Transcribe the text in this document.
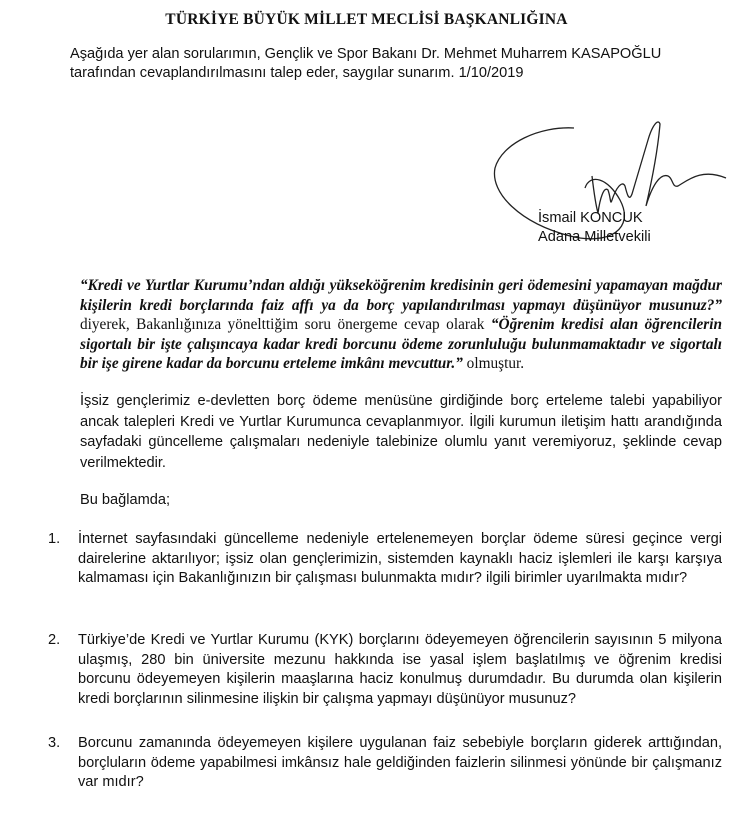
TÜRKİYE BÜYÜK MİLLET MECLİSİ BAŞKANLIĞINA
Aşağıda yer alan sorularımın, Gençlik ve Spor Bakanı Dr. Mehmet Muharrem KASAPOĞLU tarafından cevaplandırılmasını talep eder, saygılar sunarım. 1/10/2019
İsmail KONCUK
Adana Milletvekili
“Kredi ve Yurtlar Kurumu’ndan aldığı yükseköğrenim kredisinin geri ödemesini yapamayan mağdur kişilerin kredi borçlarında faiz affı ya da borç yapılandırılması yapmayı düşünüyor musunuz?” diyerek, Bakanlığınıza yönelttiğim soru önergeme cevap olarak “Öğrenim kredisi alan öğrencilerin sigortalı bir işte çalışıncaya kadar kredi borcunu ödeme zorunluluğu bulunmamaktadır ve sigortalı bir işe girene kadar da borcunu erteleme imkânı mevcuttur.” olmuştur.
İşsiz gençlerimiz e-devletten borç ödeme menüsüne girdiğinde borç erteleme talebi yapabiliyor ancak talepleri Kredi ve Yurtlar Kurumunca cevaplanmıyor. İlgili kurumun iletişim hattı arandığında sayfadaki güncelleme çalışmaları nedeniyle talebinize olumlu yanıt veremiyoruz, şeklinde cevap verilmektedir.
Bu bağlamda;
1. İnternet sayfasındaki güncelleme nedeniyle ertelenemeyen borçlar ödeme süresi geçince vergi dairelerine aktarılıyor; işsiz olan gençlerimizin, sistemden kaynaklı haciz işlemleri ile karşı karşıya kalmaması için Bakanlığınızın bir çalışması bulunmakta mıdır? ilgili birimler uyarılmakta mıdır?
2. Türkiye’de Kredi ve Yurtlar Kurumu (KYK) borçlarını ödeyemeyen öğrencilerin sayısının 5 milyona ulaşmış, 280 bin üniversite mezunu hakkında ise yasal işlem başlatılmış ve öğrenim kredisi borcunu ödeyemeyen kişilerin maaşlarına haciz konulmuş durumdadır. Bu durumda olan kişilerin kredi borçlarının silinmesine ilişkin bir çalışma yapmayı düşünüyor musunuz?
3. Borcunu zamanında ödeyemeyen kişilere uygulanan faiz sebebiyle borçların giderek arttığından, borçluların ödeme yapabilmesi imkânsız hale geldiğinden faizlerin silinmesi yönünde bir çalışmanız var mıdır?
